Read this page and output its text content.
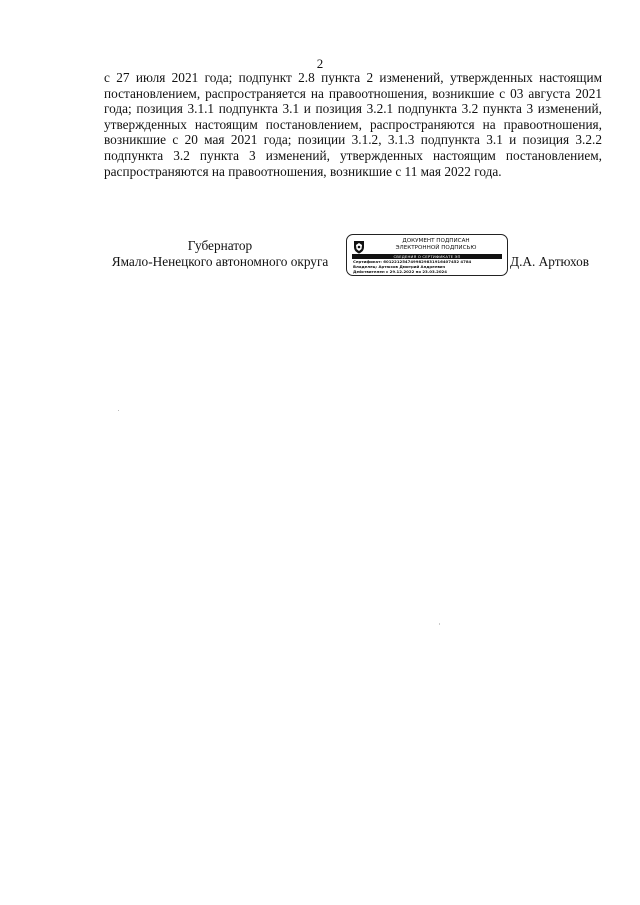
2

с 27 июля 2021 года; подпункт 2.8 пункта 2 изменений, утвержденных настоящим постановлением, распространяется на правоотношения, возникшие с 03 августа 2021 года; позиция 3.1.1 подпункта 3.1 и позиция 3.2.1 подпункта 3.2 пункта 3 изменений, утвержденных настоящим постановлением, распространяются на правоотношения, возникшие с 20 мая 2021 года; позиции 3.1.2, 3.1.3 подпункта 3.1 и позиция 3.2.2 подпункта 3.2 пункта 3 изменений, утвержденных настоящим постановлением, распространяются на правоотношения, возникшие с 11 мая 2022 года.

Губернатор
Ямало-Ненецкого автономного округа
ДОКУМЕНТ ПОДПИСАН
ЭЛЕКТРОННОЙ ПОДПИСЬЮ
СВЕДЕНИЯ О СЕРТИФИКАТЕ ЭП
Сертификат: 6012212547499829831916407452 4784
Владелец: Артюхов Дмитрий Андреевич
Действителен с 29.12.2022 по 23.03.2024
Д.А. Артюхов
